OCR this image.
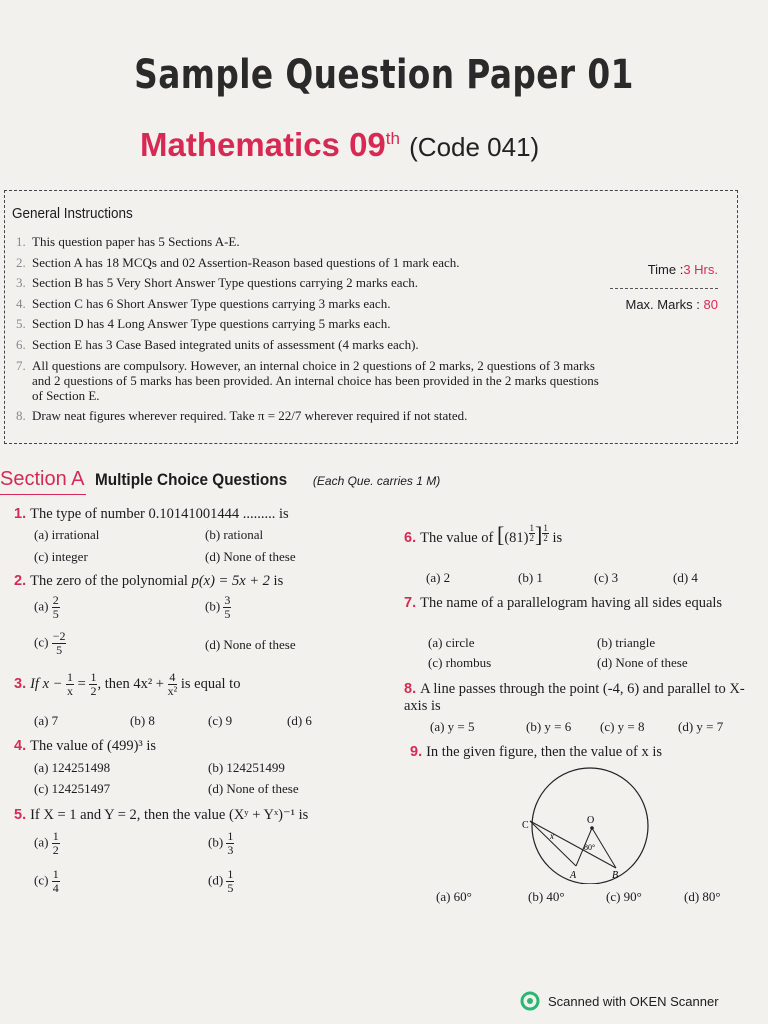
Sample Question Paper 01
Mathematics 09th (Code 041)
General Instructions
1. This question paper has 5 Sections A-E.
2. Section A has 18 MCQs and 02 Assertion-Reason based questions of 1 mark each.
3. Section B has 5 Very Short Answer Type questions carrying 2 marks each.
4. Section C has 6 Short Answer Type questions carrying 3 marks each.
5. Section D has 4 Long Answer Type questions carrying 5 marks each.
6. Section E has 3 Case Based integrated units of assessment (4 marks each).
7. All questions are compulsory. However, an internal choice in 2 questions of 2 marks, 2 questions of 3 marks and 2 questions of 5 marks has been provided. An internal choice has been provided in the 2 marks questions of Section E.
8. Draw neat figures wherever required. Take π = 22/7 wherever required if not stated.
Time :3 Hrs.
Max. Marks : 80
Section A Multiple Choice Questions (Each Que. carries 1 M)
1. The type of number 0.10141001444 ......... is
(a) irrational	(b) rational
(c) integer	(d) None of these
2. The zero of the polynomial p(x) = 5x + 2 is
$(a) \frac{2}{5}$	$(b) \frac{3}{5}$
$(c) \frac{-2}{5}$	(d) None of these
3. If $x - \frac{1}{x} = \frac{1}{2}$ , then $4x^2 + \frac{4}{\text{x²}}$ is equal to
(a) 7	(b) 8	(c) 9	(d) 6
4. The value of (499)³ is
(a) 124251498	(b) 124251499
(c) 124251497	(d) None of these
5. If X = 1 and Y = 2, then the value (Xʸ + Yˣ)⁻¹ is
$(a) \frac{1}{2}$	$(b) \frac{1}{3}$
$(c) \frac{1}{4}$	$(d) \frac{1}{5}$
6. The value of [(81) $^{\frac{1}{2}}$ ] $^{\frac{1}{2}}$ is
(a) 2	(b) 1	(c) 3	(d) 4
7. The name of a parallelogram having all sides equals
(a) circle	(b) triangle
(c) rhombus	(d) None of these
8. A line passes through the point (-4, 6) and parallel to X-axis is
(a) y = 5	(b) y = 6 (c) y = 8	(d) y = 7
9. In the given figure, then the value of x is
C	O
x
80°
A	B
(a) 60°	(b) 40°	(c) 90°	(d) 80°
Scanned with OKEN Scanner
